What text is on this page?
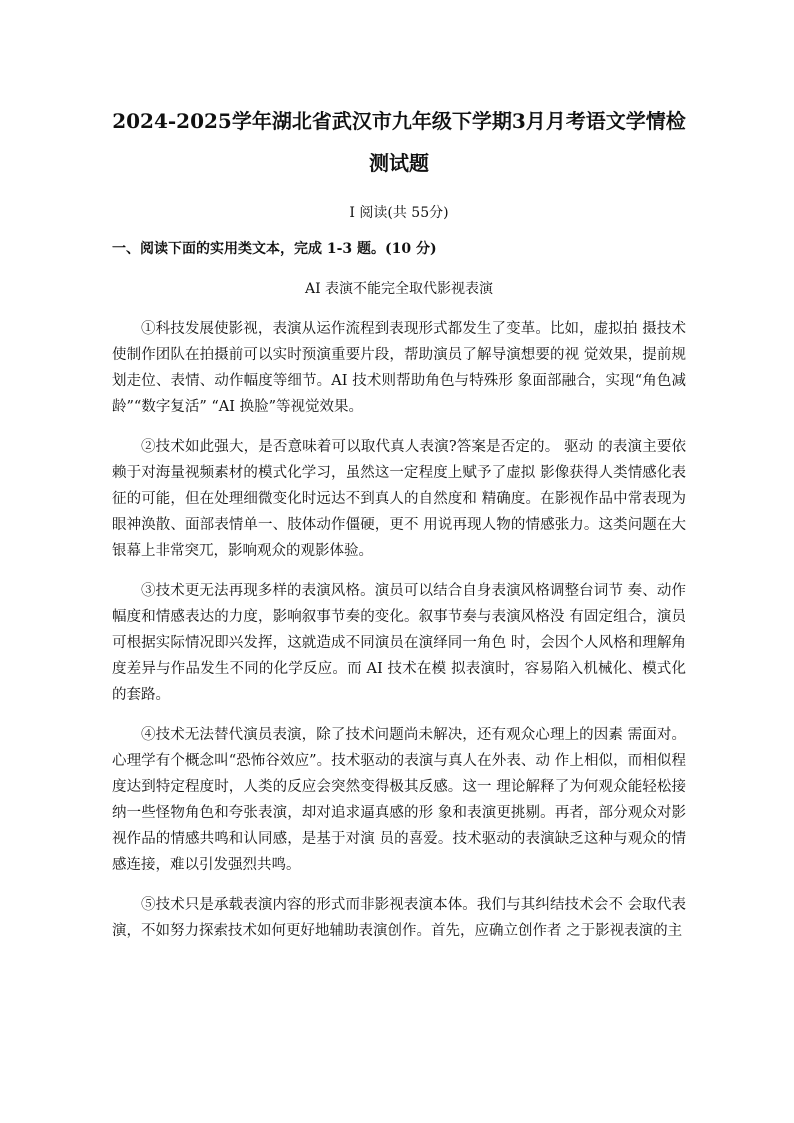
2024-2025学年湖北省武汉市九年级下学期3月月考语文学情检测试题
Ⅰ 阅读(共 55分)
一、阅读下面的实用类文本，完成 1-3 题。(10 分)
AI 表演不能完全取代影视表演

①科技发展使影视，表演从运作流程到表现形式都发生了变革。比如，虚拟拍 摄技术使制作团队在拍摄前可以实时预演重要片段，帮助演员了解导演想要的视 觉效果，提前规划走位、表情、动作幅度等细节。AI 技术则帮助角色与特殊形 象面部融合，实现“角色减龄”“数字复活” “AI 换脸”等视觉效果。

②技术如此强大，是否意味着可以取代真人表演?答案是否定的。 驱动 的表演主要依赖于对海量视频素材的模式化学习，虽然这一定程度上赋予了虚拟 影像获得人类情感化表征的可能，但在处理细微变化时远达不到真人的自然度和 精确度。在影视作品中常表现为眼神涣散、面部表情单一、肢体动作僵硬，更不 用说再现人物的情感张力。这类问题在大银幕上非常突兀，影响观众的观影体验。

③技术更无法再现多样的表演风格。演员可以结合自身表演风格调整台词节 奏、动作幅度和情感表达的力度，影响叙事节奏的变化。叙事节奏与表演风格没 有固定组合，演员可根据实际情况即兴发挥，这就造成不同演员在演绎同一角色 时，会因个人风格和理解角度差异与作品发生不同的化学反应。而 AI 技术在模 拟表演时，容易陷入机械化、模式化的套路。

④技术无法替代演员表演，除了技术问题尚未解决，还有观众心理上的因素 需面对。心理学有个概念叫“恐怖谷效应”。技术驱动的表演与真人在外表、动 作上相似，而相似程度达到特定程度时，人类的反应会突然变得极其反感。这一 理论解释了为何观众能轻松接纳一些怪物角色和夸张表演，却对追求逼真感的形 象和表演更挑剔。再者，部分观众对影视作品的情感共鸣和认同感，是基于对演 员的喜爱。技术驱动的表演缺乏这种与观众的情感连接，难以引发强烈共鸣。

⑤技术只是承载表演内容的形式而非影视表演本体。我们与其纠结技术会不 会取代表演，不如努力探索技术如何更好地辅助表演创作。首先，应确立创作者 之于影视表演的主
